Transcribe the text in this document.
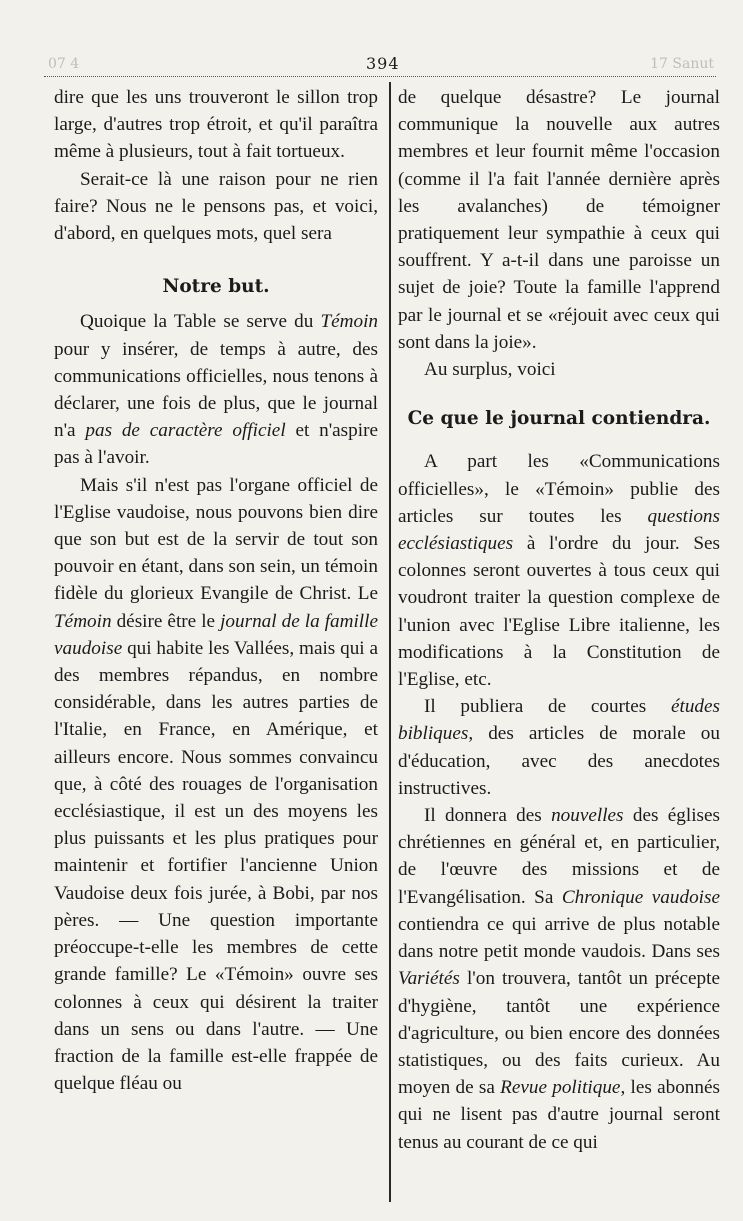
07 4	394	17 Sanut

dire que les uns trouveront le sillon trop large, d'autres trop étroit, et qu'il paraîtra même à plusieurs, tout à fait tortueux.

Serait-ce là une raison pour ne rien faire? Nous ne le pensons pas, et voici, d'abord, en quelques mots, quel sera

Notre but.

Quoique la Table se serve du Témoin pour y insérer, de temps à autre, des communications officielles, nous tenons à déclarer, une fois de plus, que le journal n'a pas de caractère officiel et n'aspire pas à l'avoir.

Mais s'il n'est pas l'organe officiel de l'Eglise vaudoise, nous pouvons bien dire que son but est de la servir de tout son pouvoir en étant, dans son sein, un témoin fidèle du glorieux Evangile de Christ. Le Témoin désire être le journal de la famille vaudoise qui habite les Vallées, mais qui a des membres répandus, en nombre considérable, dans les autres parties de l'Italie, en France, en Amérique, et ailleurs encore. Nous sommes convaincu que, à côté des rouages de l'organisation ecclésiastique, il est un des moyens les plus puissants et les plus pratiques pour maintenir et fortifier l'ancienne Union Vaudoise deux fois jurée, à Bobi, par nos pères. — Une question importante préoccupe-t-elle les membres de cette grande famille? Le «Témoin» ouvre ses colonnes à ceux qui désirent la traiter dans un sens ou dans l'autre. — Une fraction de la famille est-elle frappée de quelque fléau ou

de quelque désastre? Le journal communique la nouvelle aux autres membres et leur fournit même l'occasion (comme il l'a fait l'année dernière après les avalanches) de témoigner pratiquement leur sympathie à ceux qui souffrent. Y a-t-il dans une paroisse un sujet de joie? Toute la famille l'apprend par le journal et se «réjouit avec ceux qui sont dans la joie».

Au surplus, voici

Ce que le journal contiendra.

A part les «Communications officielles», le «Témoin» publie des articles sur toutes les questions ecclésiastiques à l'ordre du jour. Ses colonnes seront ouvertes à tous ceux qui voudront traiter la question complexe de l'union avec l'Eglise Libre italienne, les modifications à la Constitution de l'Eglise, etc.

Il publiera de courtes études bibliques, des articles de morale ou d'éducation, avec des anecdotes instructives.

Il donnera des nouvelles des églises chrétiennes en général et, en particulier, de l'œuvre des missions et de l'Evangélisation. Sa Chronique vaudoise contiendra ce qui arrive de plus notable dans notre petit monde vaudois. Dans ses Variétés l'on trouvera, tantôt un précepte d'hygiène, tantôt une expérience d'agriculture, ou bien encore des données statistiques, ou des faits curieux. Au moyen de sa Revue politique, les abonnés qui ne lisent pas d'autre journal seront tenus au courant de ce qui
